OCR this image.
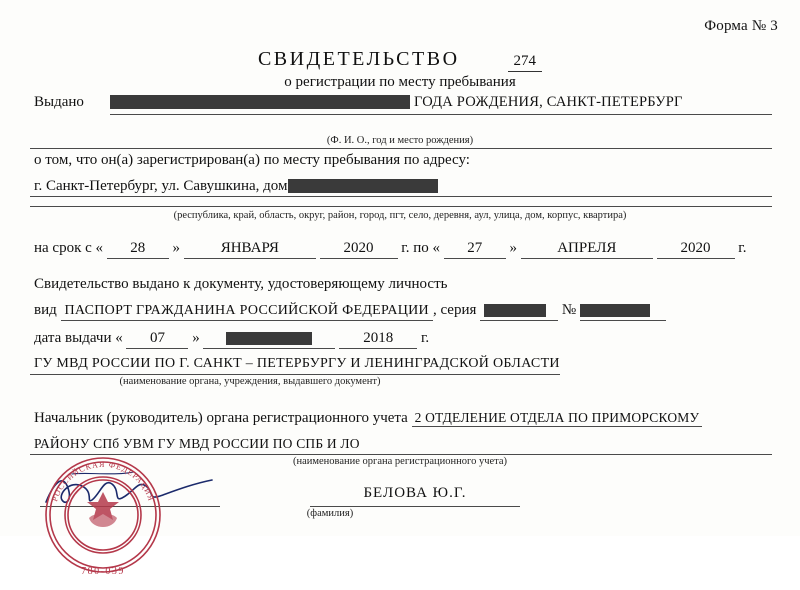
Форма № 3
СВИДЕТЕЛЬСТВО	274
о регистрации по месту пребывания
Выдано	ГОДА РОЖДЕНИЯ, САНКТ-ПЕТЕРБУРГ
(Ф. И. О., год и место рождения)
о том, что он(а) зарегистрирован(а) по месту пребывания по адресу:
г. Санкт-Петербург, ул. Савушкина, дом
(республика, край, область, округ, район, город, пгт, село, деревня, аул, улица, дом, корпус, квартира)
на срок с « 28 »	ЯНВАРЯ	2020 г. по « 27 »	АПРЕЛЯ	2020 г.
Свидетельство выдано к документу, удостоверяющему личность
вид ПАСПОРТ ГРАЖДАНИНА РОССИЙСКОЙ ФЕДЕРАЦИИ , серия	№
дата выдачи « 07 »	2018 г.
ГУ МВД РОССИИ ПО Г. САНКТ – ПЕТЕРБУРГУ И ЛЕНИНГРАДСКОЙ ОБЛАСТИ
(наименование органа, учреждения, выдавшего документ)
Начальник (руководитель) органа регистрационного учета 2 ОТДЕЛЕНИЕ ОТДЕЛА ПО ПРИМОРСКОМУ
РАЙОНУ СПб УВМ ГУ МВД РОССИИ ПО СПБ И ЛО
(наименование органа регистрационного учета)
БЕЛОВА Ю.Г.
(фамилия)
РОССИЙСКАЯ ФЕДЕРАЦИЯ
780-039
